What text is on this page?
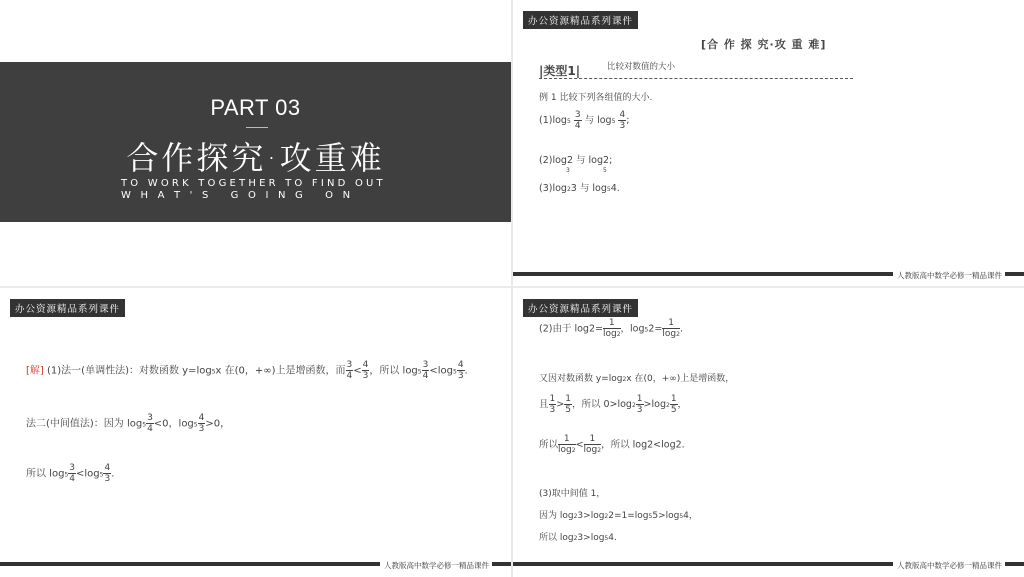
PART 03
合作探究·攻重难
TO WORK TOGETHER TO FIND OUT
W H A T ' S   G O I N G   O N
办公资源精品系列课件
[合 作 探 究·攻 重 难]
|类型1|	比较对数值的大小
例 1 比较下列各组值的大小.
$(1)\log 5 \frac{3}{4}$ 与 $\log 5 \frac{4}{3}$ ;
(2)log2 与 log2;
3	5
(3)log23 与 log54.
人教版高中数学必修一精品课件
办公资源精品系列课件
[解] (1)法一(单调性法)：对数函数 y=log5x 在(0，+∞)上是增函数，而 $\frac{3}{4} < \frac{4}{3}$ ，所以 $\log 5 \frac{3}{4} <\log 5 \frac{4}{3}$ .
法二(中间值法)：因为 $\log 5 \frac{3}{4} <0$，$\log 5 \frac{4}{3} >0$，
所以 $\log 5 \frac{3}{4} <\log 5 \frac{4}{3}$ .
人教版高中数学必修一精品课件
办公资源精品系列课件
(2)由于 $\log 2= \frac{1}{\log 2}$ ，$\log 52= \frac{1}{\log 2}$ .
又因对数函数 y=log2x 在(0，+∞)上是增函数，
且 $\frac{1}{3} > \frac{1}{5}$ ，所以 $0>\log 2 \frac{1}{3} >\log 2 \frac{1}{5}$ ，
所以 $\frac{1}{\log 2} < \frac{1}{\log 2}$ ，所以 log2<log2.
(3)取中间值 1，
因为 log23>log22=1=log55>log54，
所以 log23>log54.
人教版高中数学必修一精品课件
